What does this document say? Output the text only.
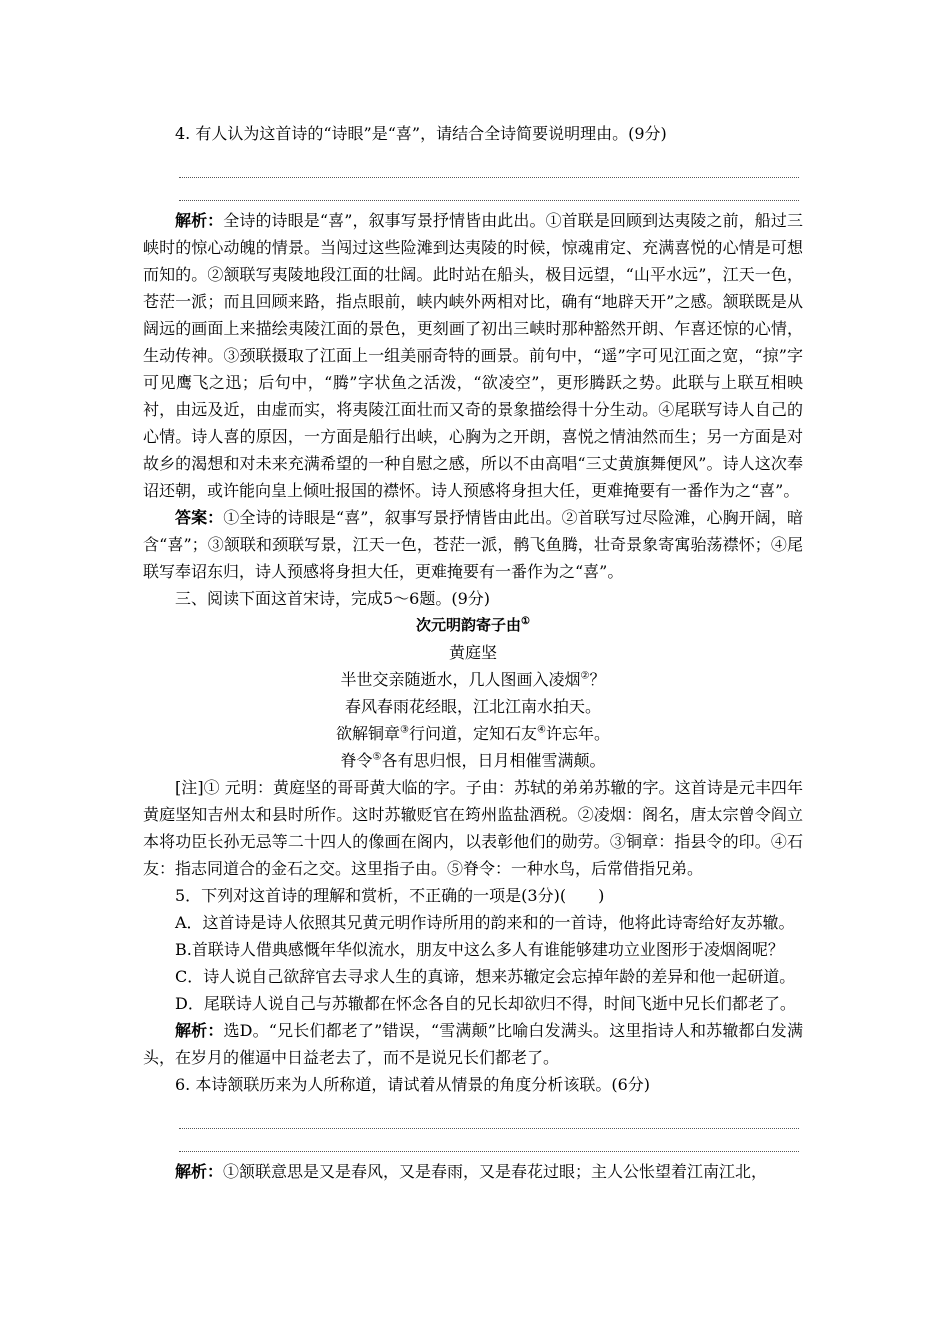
4. 有人认为这首诗的“诗眼”是“喜”，请结合全诗简要说明理由。(9分)

解析：全诗的诗眼是“喜”，叙事写景抒情皆由此出。①首联是回顾到达夷陵之前，船过三峡时的惊心动魄的情景。当闯过这些险滩到达夷陵的时候，惊魂甫定、充满喜悦的心情是可想而知的。②颔联写夷陵地段江面的壮阔。此时站在船头，极目远望，“山平水远”，江天一色，苍茫一派；而且回顾来路，指点眼前，峡内峡外两相对比，确有“地辟天开”之感。颔联既是从阔远的画面上来描绘夷陵江面的景色，更刻画了初出三峡时那种豁然开朗、乍喜还惊的心情，生动传神。③颈联摄取了江面上一组美丽奇特的画景。前句中，“遥”字可见江面之宽，“掠”字可见鹰飞之迅；后句中，“腾”字状鱼之活泼，“欲凌空”，更形腾跃之势。此联与上联互相映衬，由远及近，由虚而实，将夷陵江面壮而又奇的景象描绘得十分生动。④尾联写诗人自己的心情。诗人喜的原因，一方面是船行出峡，心胸为之开朗，喜悦之情油然而生；另一方面是对故乡的渴想和对未来充满希望的一种自慰之感，所以不由高唱“三丈黄旗舞便风”。诗人这次奉诏还朝，或许能向皇上倾吐报国的襟怀。诗人预感将身担大任，更难掩要有一番作为之“喜”。

答案：①全诗的诗眼是“喜”，叙事写景抒情皆由此出。②首联写过尽险滩，心胸开阔，暗含“喜”；③颔联和颈联写景，江天一色，苍茫一派，鹘飞鱼腾，壮奇景象寄寓骀荡襟怀；④尾联写奉诏东归，诗人预感将身担大任，更难掩要有一番作为之“喜”。

三、阅读下面这首宋诗，完成5～6题。(9分)

次元明韵寄子由①

黄庭坚

半世交亲随逝水，几人图画入凌烟②？

春风春雨花经眼，江北江南水拍天。

欲解铜章③行问道，定知石友④许忘年。

脊令⑤各有思归恨，日月相催雪满颠。

[注]① 元明：黄庭坚的哥哥黄大临的字。子由：苏轼的弟弟苏辙的字。这首诗是元丰四年黄庭坚知吉州太和县时所作。这时苏辙贬官在筠州监盐酒税。②凌烟：阁名，唐太宗曾令阎立本将功臣长孙无忌等二十四人的像画在阁内，以表彰他们的勋劳。③铜章：指县令的印。④石友：指志同道合的金石之交。这里指子由。⑤脊令：一种水鸟，后常借指兄弟。

5．下列对这首诗的理解和赏析，不正确的一项是(3分)(　　)

A．这首诗是诗人依照其兄黄元明作诗所用的韵来和的一首诗，他将此诗寄给好友苏辙。

B.首联诗人借典感慨年华似流水，朋友中这么多人有谁能够建功立业图形于凌烟阁呢？

C．诗人说自己欲辞官去寻求人生的真谛，想来苏辙定会忘掉年龄的差异和他一起研道。

D．尾联诗人说自己与苏辙都在怀念各自的兄长却欲归不得，时间飞逝中兄长们都老了。

解析：选D。“兄长们都老了”错误，“雪满颠”比喻白发满头。这里指诗人和苏辙都白发满头，在岁月的催逼中日益老去了，而不是说兄长们都老了。

6. 本诗颔联历来为人所称道，请试着从情景的角度分析该联。(6分)

解析：①颔联意思是又是春风，又是春雨，又是春花过眼；主人公怅望着江南江北，
